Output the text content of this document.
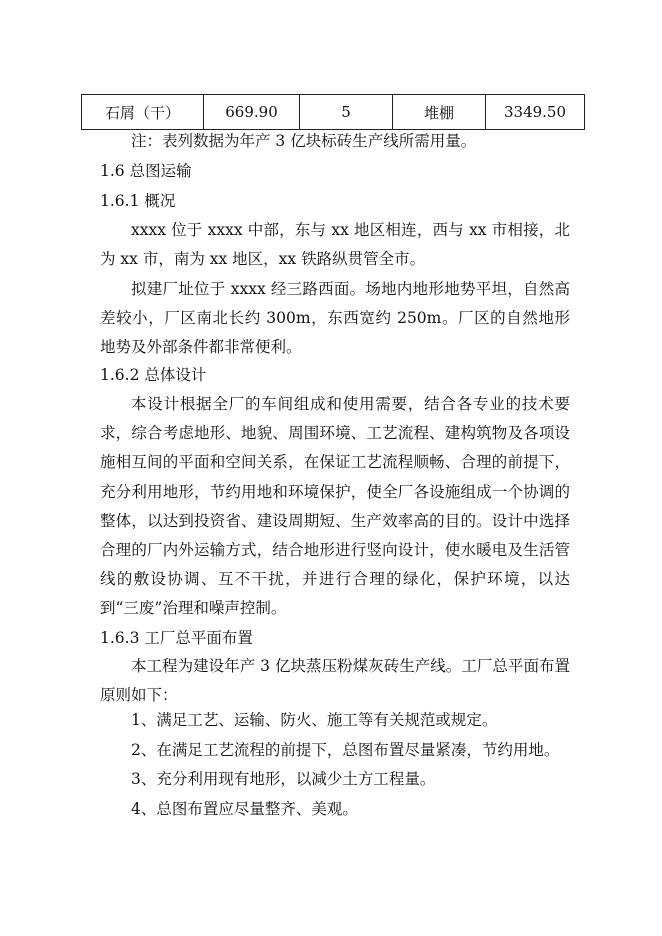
石屑（干）	669.90	5	堆棚	3349.50
注：表列数据为年产 3 亿块标砖生产线所需用量。
1.6 总图运输
1.6.1 概况
xxxx 位于 xxxx 中部，东与 xx 地区相连，西与 xx 市相接，北为 xx 市，南为 xx 地区，xx 铁路纵贯管全市。
拟建厂址位于 xxxx 经三路西面。场地内地形地势平坦，自然高差较小，厂区南北长约 300m，东西宽约 250m。厂区的自然地形地势及外部条件都非常便利。
1.6.2 总体设计
本设计根据全厂的车间组成和使用需要，结合各专业的技术要求，综合考虑地形、地貌、周围环境、工艺流程、建构筑物及各项设施相互间的平面和空间关系，在保证工艺流程顺畅、合理的前提下，充分利用地形，节约用地和环境保护，使全厂各设施组成一个协调的整体，以达到投资省、建设周期短、生产效率高的目的。设计中选择合理的厂内外运输方式，结合地形进行竖向设计，使水暖电及生活管线的敷设协调、互不干扰，并进行合理的绿化，保护环境，以达到“三废”治理和噪声控制。
1.6.3 工厂总平面布置
本工程为建设年产 3 亿块蒸压粉煤灰砖生产线。工厂总平面布置原则如下：
1、满足工艺、运输、防火、施工等有关规范或规定。
2、在满足工艺流程的前提下，总图布置尽量紧凑，节约用地。
3、充分利用现有地形，以减少土方工程量。
4、总图布置应尽量整齐、美观。
